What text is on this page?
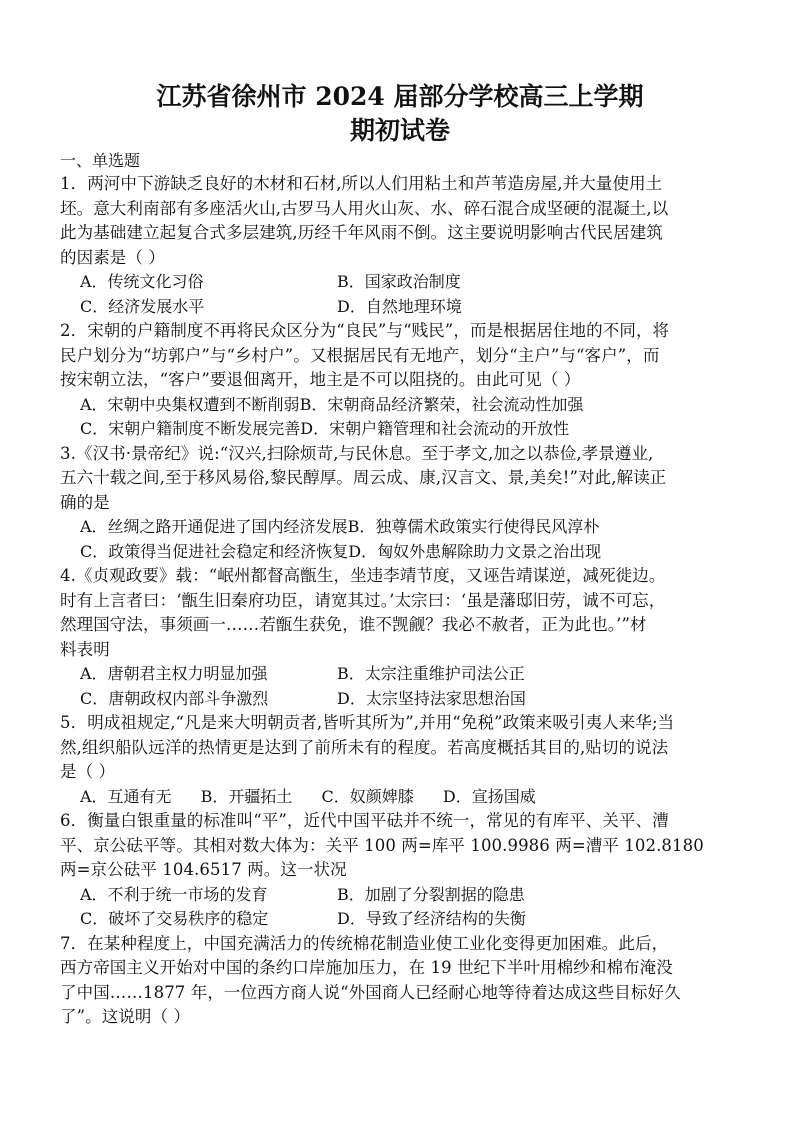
江苏省徐州市 2024 届部分学校高三上学期
期初试卷
一、单选题
1．两河中下游缺乏良好的木材和石材,所以人们用粘土和芦苇造房屋,并大量使用土
坯。意大利南部有多座活火山,古罗马人用火山灰、水、碎石混合成坚硬的混凝土,以
此为基础建立起复合式多层建筑,历经千年风雨不倒。这主要说明影响古代民居建筑
的因素是（ ）
A．传统文化习俗	B．国家政治制度
C．经济发展水平	D．自然地理环境
2．宋朝的户籍制度不再将民众区分为“良民”与“贱民”，而是根据居住地的不同，将
民户划分为“坊郭户”与“乡村户”。又根据居民有无地产，划分“主户”与“客户”，而
按宋朝立法，“客户”要退佃离开，地主是不可以阻挠的。由此可见（ ）
A．宋朝中央集权遭到不断削弱 B．宋朝商品经济繁荣，社会流动性加强
C．宋朝户籍制度不断发展完善 D．宋朝户籍管理和社会流动的开放性
3.《汉书·景帝纪》说:“汉兴,扫除烦苛,与民休息。至于孝文,加之以恭俭,孝景遵业,
五六十载之间,至于移风易俗,黎民醇厚。周云成、康,汉言文、景,美矣!”对此,解读正
确的是
A．丝绸之路开通促进了国内经济发展 B．独尊儒术政策实行使得民风淳朴
C．政策得当促进社会稳定和经济恢复 D．匈奴外患解除助力文景之治出现
4.《贞观政要》载：“岷州都督高甑生，坐违李靖节度，又诬告靖谋逆，减死徙边。
时有上言者曰：‘甑生旧秦府功臣，请宽其过。’太宗曰：‘虽是藩邸旧劳，诚不可忘，
然理国守法，事须画一……若甑生获免，谁不觊觎？我必不赦者，正为此也。’”材
料表明
A．唐朝君主权力明显加强	B．太宗注重维护司法公正
C．唐朝政权内部斗争激烈	D．太宗坚持法家思想治国
5．明成祖规定,“凡是来大明朝贡者,皆听其所为”,并用“免税”政策来吸引夷人来华;当
然,组织船队远洋的热情更是达到了前所未有的程度。若高度概括其目的,贴切的说法
是（ ）
A．互通有无 B．开疆拓土 C．奴颜婢膝 D．宣扬国威
6．衡量白银重量的标准叫“平”，近代中国平砝并不统一，常见的有库平、关平、漕
平、京公砝平等。其相对数大体为：关平 100 两=库平 100.9986 两=漕平 102.8180
两=京公砝平 104.6517 两。这一状况
A．不利于统一市场的发育	B．加剧了分裂割据的隐患
C．破坏了交易秩序的稳定	D．导致了经济结构的失衡
7．在某种程度上，中国充满活力的传统棉花制造业使工业化变得更加困难。此后，
西方帝国主义开始对中国的条约口岸施加压力，在 19 世纪下半叶用棉纱和棉布淹没
了中国……1877 年，一位西方商人说“外国商人已经耐心地等待着达成这些目标好久
了”。这说明（ ）
